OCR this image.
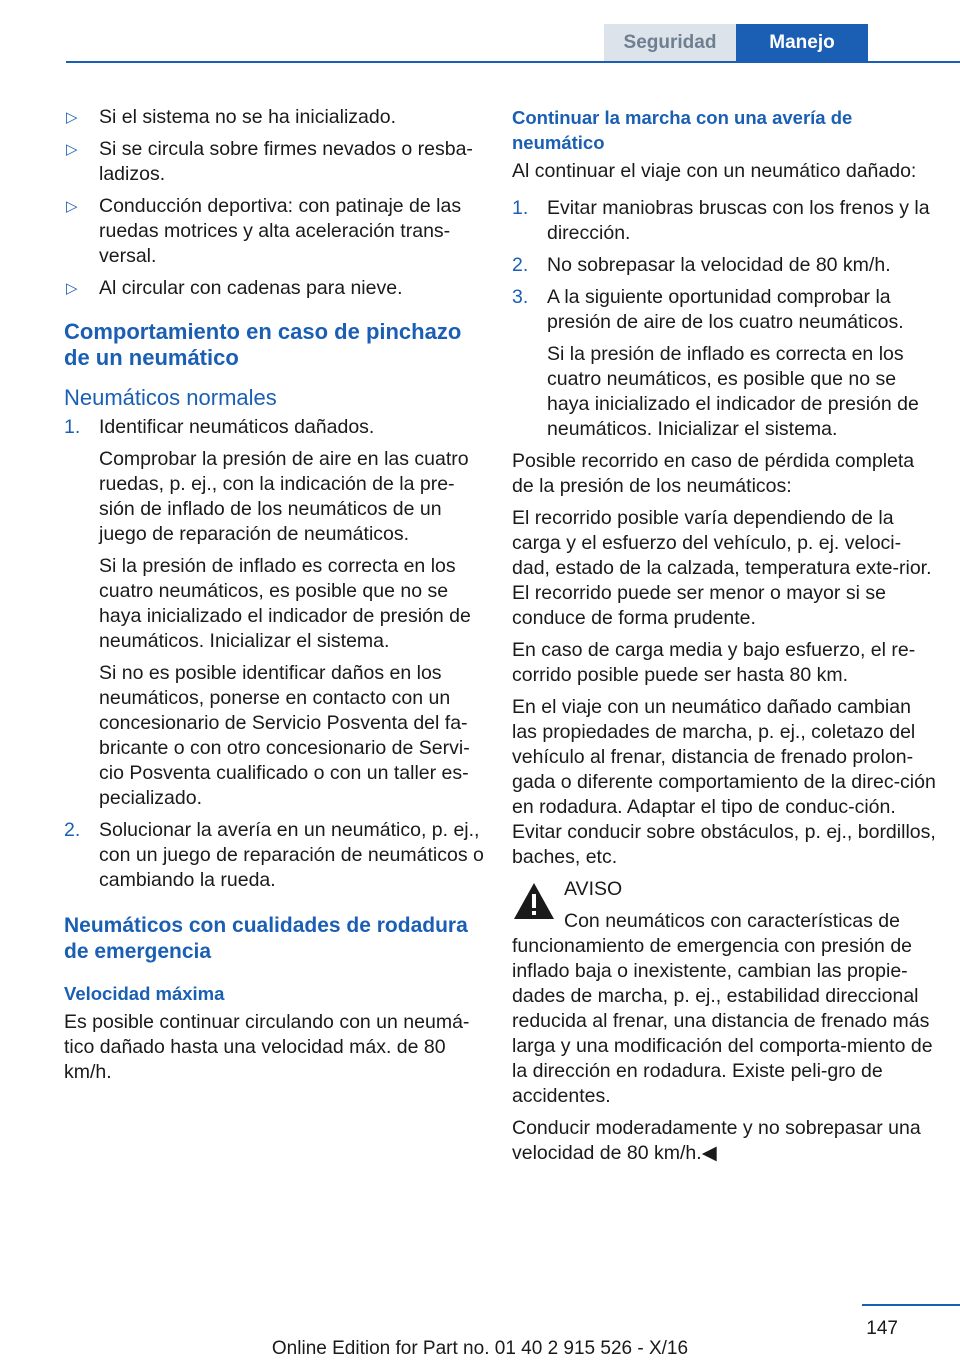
Seguridad	Manejo
▷ Si el sistema no se ha inicializado.
▷ Si se circula sobre firmes nevados o resba-ladizos.
▷ Conducción deportiva: con patinaje de las ruedas motrices y alta aceleración trans-versal.
▷ Al circular con cadenas para nieve.
Comportamiento en caso de pinchazo de un neumático
Neumáticos normales
1. Identificar neumáticos dañados.

Comprobar la presión de aire en las cuatro ruedas, p. ej., con la indicación de la pre-sión de inflado de los neumáticos de un juego de reparación de neumáticos.

Si la presión de inflado es correcta en los cuatro neumáticos, es posible que no se haya inicializado el indicador de presión de neumáticos. Inicializar el sistema.

Si no es posible identificar daños en los neumáticos, ponerse en contacto con un concesionario de Servicio Posventa del fa-bricante o con otro concesionario de Servi-cio Posventa cualificado o con un taller es-pecializado.

2. Solucionar la avería en un neumático, p. ej., con un juego de reparación de neumáticos o cambiando la rueda.
Neumáticos con cualidades de rodadura de emergencia
Velocidad máxima

Es posible continuar circulando con un neumá-tico dañado hasta una velocidad máx. de 80 km/h.

Continuar la marcha con una avería de neumático

Al continuar el viaje con un neumático dañado:

1. Evitar maniobras bruscas con los frenos y la dirección.
2. No sobrepasar la velocidad de 80 km/h.
3. A la siguiente oportunidad comprobar la presión de aire de los cuatro neumáticos.

Si la presión de inflado es correcta en los cuatro neumáticos, es posible que no se haya inicializado el indicador de presión de neumáticos. Inicializar el sistema.

Posible recorrido en caso de pérdida completa de la presión de los neumáticos:

El recorrido posible varía dependiendo de la carga y el esfuerzo del vehículo, p. ej. veloci-dad, estado de la calzada, temperatura exte-rior. El recorrido puede ser menor o mayor si se conduce de forma prudente.

En caso de carga media y bajo esfuerzo, el re-corrido posible puede ser hasta 80 km.

En el viaje con un neumático dañado cambian las propiedades de marcha, p. ej., coletazo del vehículo al frenar, distancia de frenado prolon-gada o diferente comportamiento de la direc-ción en rodadura. Adaptar el tipo de conduc-ción. Evitar conducir sobre obstáculos, p. ej., bordillos, baches, etc.

AVISO

Con neumáticos con características de funcionamiento de emergencia con presión de inflado baja o inexistente, cambian las propie-dades de marcha, p. ej., estabilidad direccional reducida al frenar, una distancia de frenado más larga y una modificación del comporta-miento de la dirección en rodadura. Existe peli-gro de accidentes.

Conducir moderadamente y no sobrepasar una velocidad de 80 km/h.◀

147
Online Edition for Part no. 01 40 2 915 526 - X/16
